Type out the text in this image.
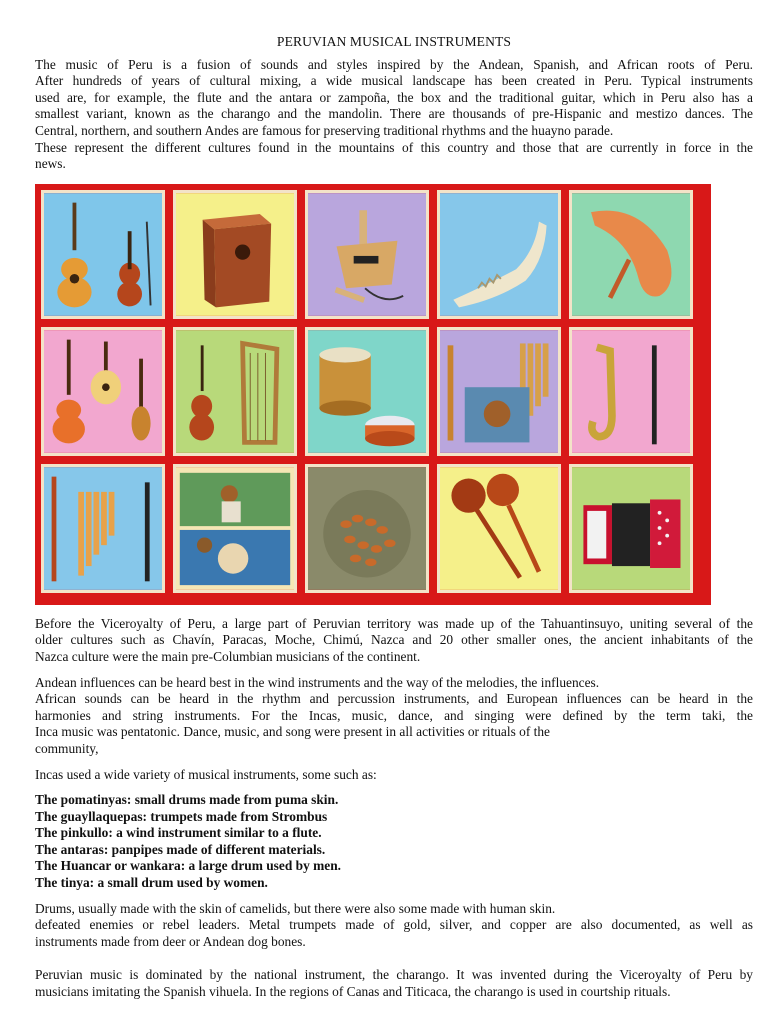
PERUVIAN MUSICAL INSTRUMENTS
The music of Peru is a fusion of sounds and styles inspired by the Andean, Spanish, and African roots of Peru.
After hundreds of years of cultural mixing, a wide musical landscape has been created in Peru. Typical instruments
used are, for example, the flute and the antara or zampoña, the box and the traditional guitar, which in Peru also has a
smallest variant, known as the charango and the mandolin. There are thousands of pre-Hispanic and mestizo dances. The
Central, northern, and southern Andes are famous for preserving traditional rhythms and the huayno parade.
These represent the different cultures found in the mountains of this country and those that are currently in force in the
news.
Before the Viceroyalty of Peru, a large part of Peruvian territory was made up of the Tahuantinsuyo, uniting several of the
older cultures such as Chavín, Paracas, Moche, Chimú, Nazca and 20 other smaller ones, the ancient inhabitants of the
Nazca culture were the main pre-Columbian musicians of the continent.
Andean influences can be heard best in the wind instruments and the way of the melodies, the influences.
African sounds can be heard in the rhythm and percussion instruments, and European influences can be heard in the
harmonies and string instruments. For the Incas, music, dance, and singing were defined by the term taki, the
Inca music was pentatonic. Dance, music, and song were present in all activities or rituals of the
community,
Incas used a wide variety of musical instruments, some such as:
The pomatinyas: small drums made from puma skin.
The guayllaquepas: trumpets made from Strombus
The pinkullo: a wind instrument similar to a flute.
The antaras: panpipes made of different materials.
The Huancar or wankara: a large drum used by men.
The tinya: a small drum used by women.
Drums, usually made with the skin of camelids, but there were also some made with human skin.
defeated enemies or rebel leaders. Metal trumpets made of gold, silver, and copper are also documented, as well as
instruments made from deer or Andean dog bones.
Peruvian music is dominated by the national instrument, the charango. It was invented during the Viceroyalty of Peru by
musicians imitating the Spanish vihuela. In the regions of Canas and Titicaca, the charango is used in courtship rituals.
